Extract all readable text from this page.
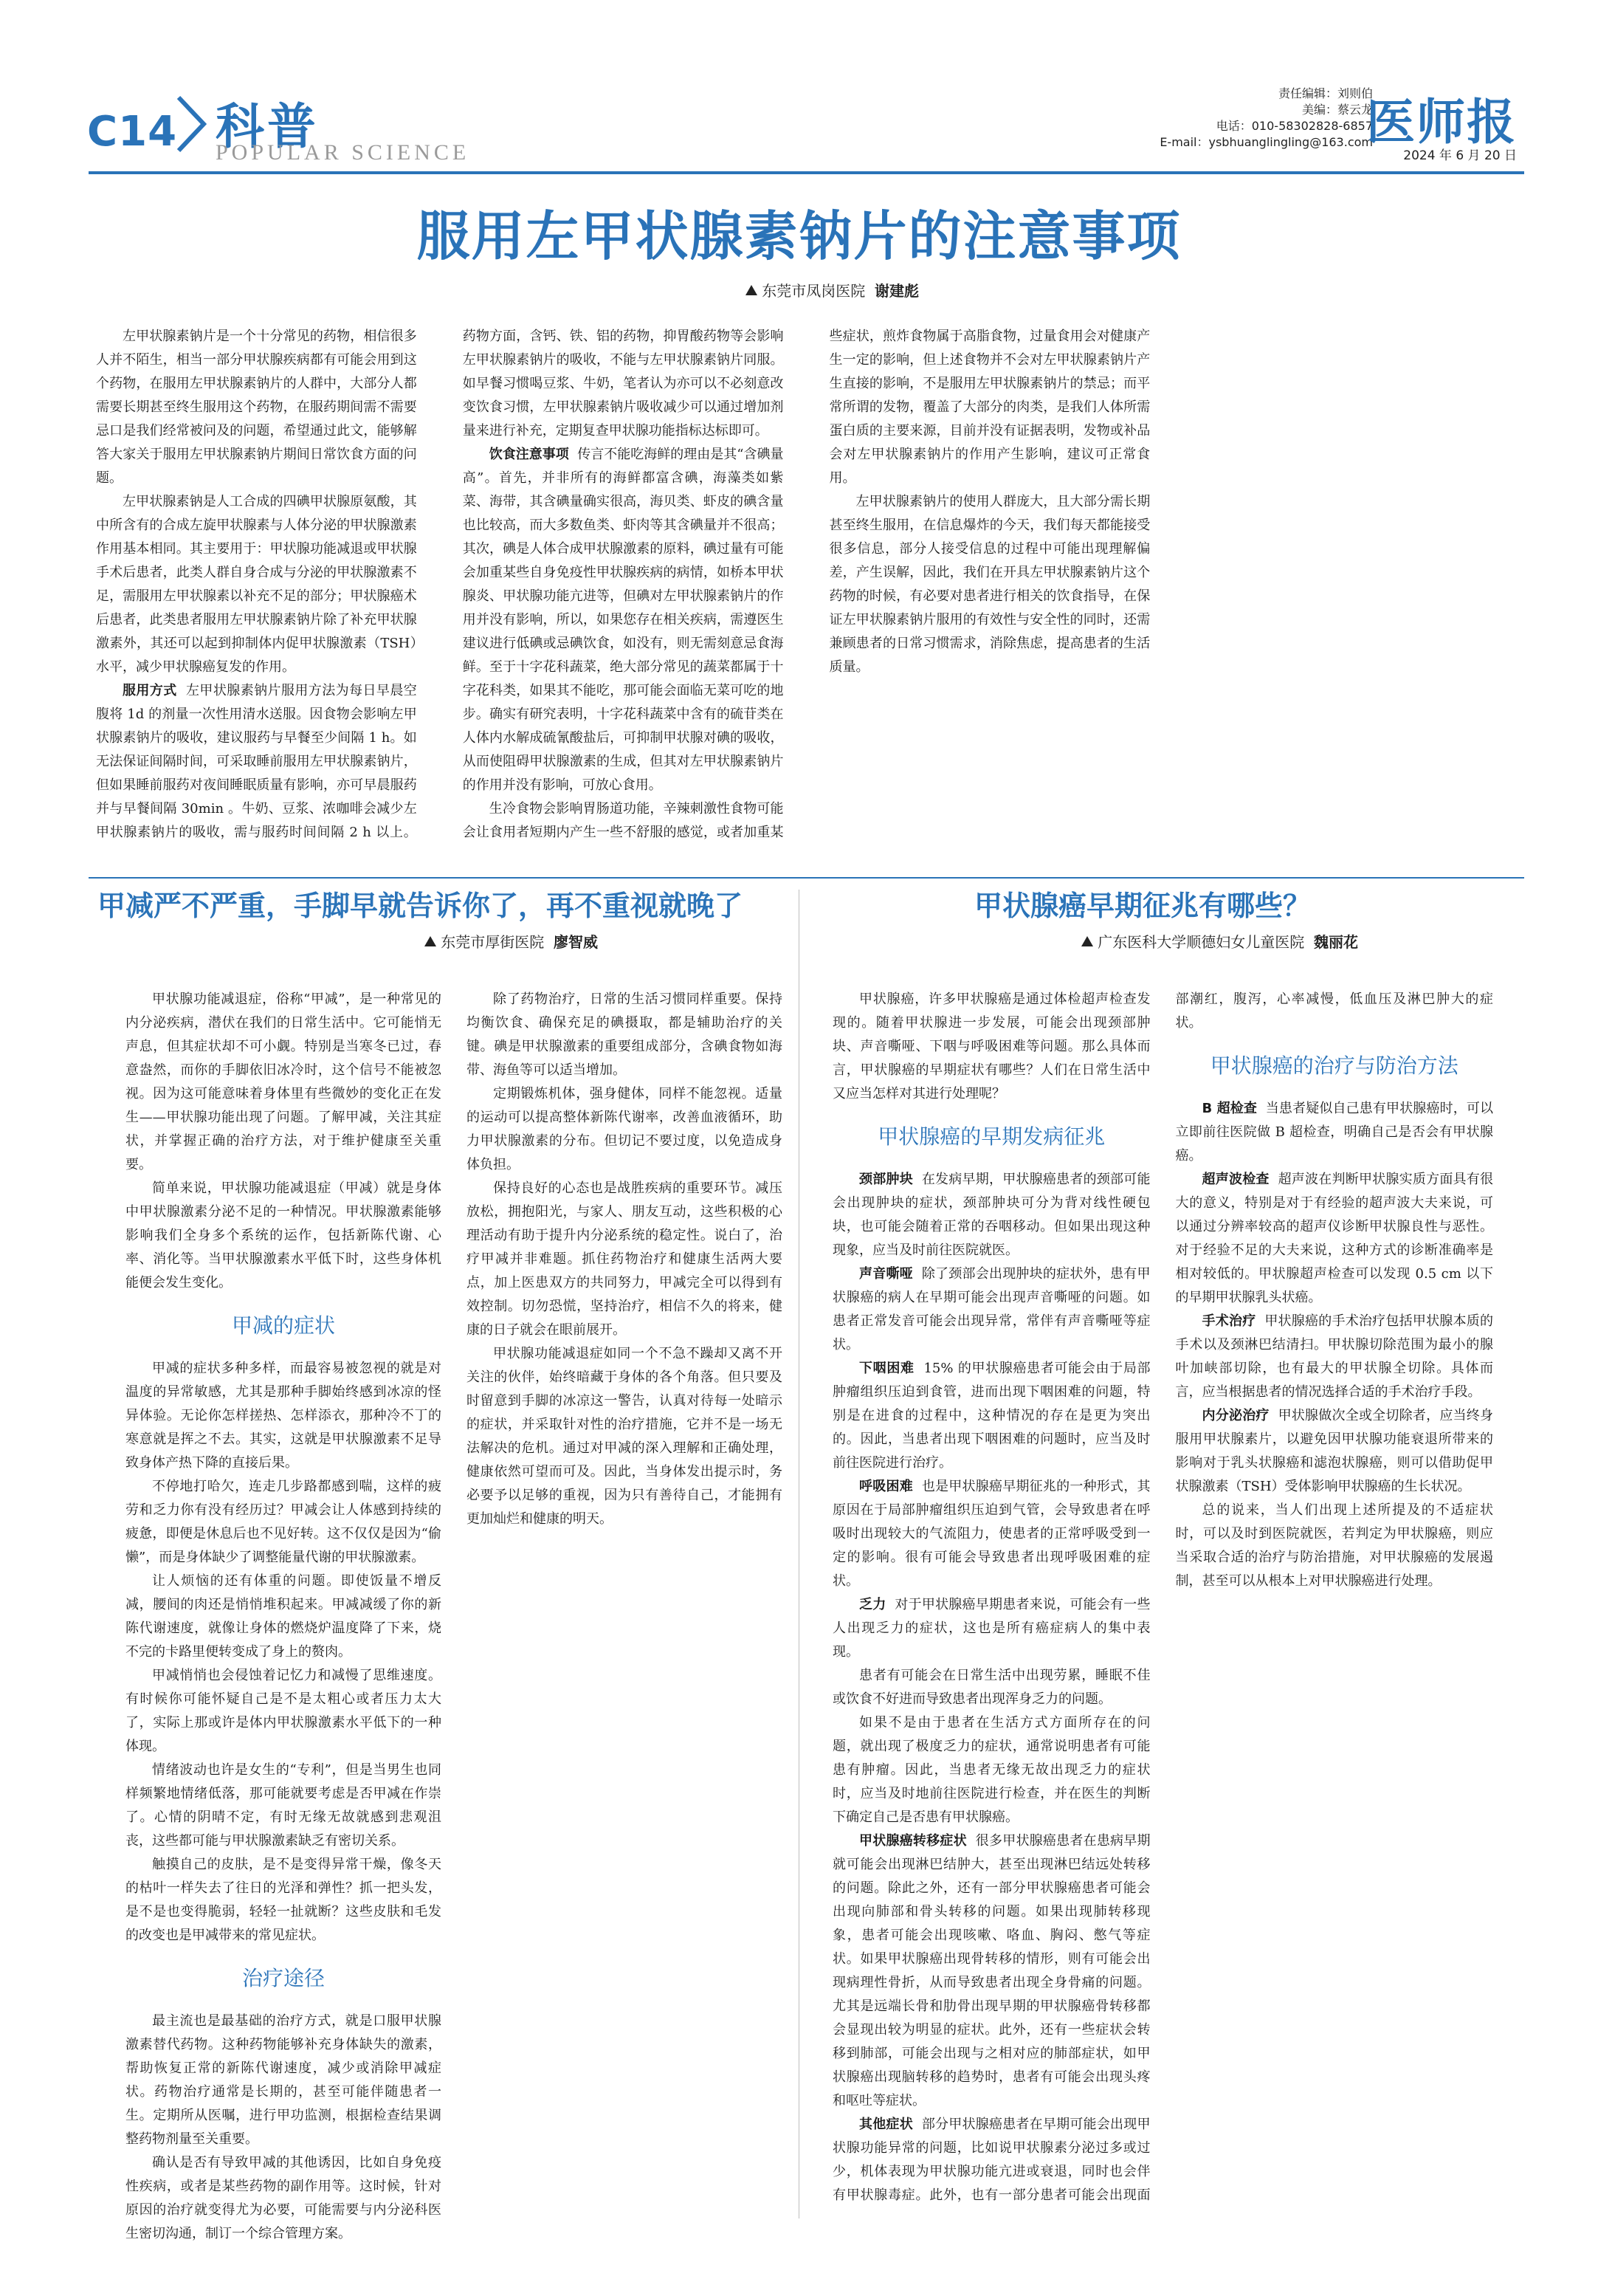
C14 科普
POPULAR SCIENCE
责任编辑：刘则伯
美编：蔡云龙
电话：010-58302828-6857
E-mail：ysbhuanglingling@163.com
医师报
2024 年 6 月 20 日
服用左甲状腺素钠片的注意事项
东莞市凤岗医院 谢建彪

左甲状腺素钠片是一个十分常见的药物，相信很多人并不陌生，相当一部分甲状腺疾病都有可能会用到这个药物，在服用左甲状腺素钠片的人群中，大部分人都需要长期甚至终生服用这个药物，在服药期间需不需要忌口是我们经常被问及的问题，希望通过此文，能够解答大家关于服用左甲状腺素钠片期间日常饮食方面的问题。

左甲状腺素钠是人工合成的四碘甲状腺原氨酸，其中所含有的合成左旋甲状腺素与人体分泌的甲状腺激素作用基本相同。其主要用于：甲状腺功能减退或甲状腺手术后患者，此类人群自身合成与分泌的甲状腺激素不足，需服用左甲状腺素以补充不足的部分；甲状腺癌术后患者，此类患者服用左甲状腺素钠片除了补充甲状腺激素外，其还可以起到抑制体内促甲状腺激素（TSH）水平，减少甲状腺癌复发的作用。

服用方式 左甲状腺素钠片服用方法为每日早晨空腹将 1d 的剂量一次性用清水送服。因食物会影响左甲状腺素钠片的吸收，建议服药与早餐至少间隔 1 h。如无法保证间隔时间，可采取睡前服用左甲状腺素钠片，但如果睡前服药对夜间睡眠质量有影响，亦可早晨服药并与早餐间隔 30min 。牛奶、豆浆、浓咖啡会减少左甲状腺素钠片的吸收，需与服药时间间隔 2 h 以上。药物方面，含钙、铁、铝的药物，抑胃酸药物等会影响左甲状腺素钠片的吸收，不能与左甲状腺素钠片同服。如早餐习惯喝豆浆、牛奶，笔者认为亦可以不必刻意改变饮食习惯，左甲状腺素钠片吸收减少可以通过增加剂量来进行补充，定期复查甲状腺功能指标达标即可。

饮食注意事项 传言不能吃海鲜的理由是其“含碘量高”。首先，并非所有的海鲜都富含碘，海藻类如紫菜、海带，其含碘量确实很高，海贝类、虾皮的碘含量也比较高，而大多数鱼类、虾肉等其含碘量并不很高；其次，碘是人体合成甲状腺激素的原料，碘过量有可能会加重某些自身免疫性甲状腺疾病的病情，如桥本甲状腺炎、甲状腺功能亢进等，但碘对左甲状腺素钠片的作用并没有影响，所以，如果您存在相关疾病，需遵医生建议进行低碘或忌碘饮食，如没有，则无需刻意忌食海鲜。至于十字花科蔬菜，绝大部分常见的蔬菜都属于十字花科类，如果其不能吃，那可能会面临无菜可吃的地步。确实有研究表明，十字花科蔬菜中含有的硫苷类在人体内水解成硫氰酸盐后，可抑制甲状腺对碘的吸收，从而使阻碍甲状腺激素的生成，但其对左甲状腺素钠片的作用并没有影响，可放心食用。

生冷食物会影响胃肠道功能，辛辣刺激性食物可能会让食用者短期内产生一些不舒服的感觉，或者加重某些症状，煎炸食物属于高脂食物，过量食用会对健康产生一定的影响，但上述食物并不会对左甲状腺素钠片产生直接的影响，不是服用左甲状腺素钠片的禁忌；而平常所谓的发物，覆盖了大部分的肉类，是我们人体所需蛋白质的主要来源，目前并没有证据表明，发物或补品会对左甲状腺素钠片的作用产生影响，建议可正常食用。

左甲状腺素钠片的使用人群庞大，且大部分需长期甚至终生服用，在信息爆炸的今天，我们每天都能接受很多信息，部分人接受信息的过程中可能出现理解偏差，产生误解，因此，我们在开具左甲状腺素钠片这个药物的时候，有必要对患者进行相关的饮食指导，在保证左甲状腺素钠片服用的有效性与安全性的同时，还需兼顾患者的日常习惯需求，消除焦虑，提高患者的生活质量。

甲减严不严重，手脚早就告诉你了，再不重视就晚了
东莞市厚街医院 廖智威

甲状腺功能减退症，俗称“甲减”，是一种常见的内分泌疾病，潜伏在我们的日常生活中。它可能悄无声息，但其症状却不可小觑。特别是当寒冬已过，春意盎然，而你的手脚依旧冰冷时，这个信号不能被忽视。因为这可能意味着身体里有些微妙的变化正在发生——甲状腺功能出现了问题。了解甲减，关注其症状，并掌握正确的治疗方法，对于维护健康至关重要。

简单来说，甲状腺功能减退症（甲减）就是身体中甲状腺激素分泌不足的一种情况。甲状腺激素能够影响我们全身多个系统的运作，包括新陈代谢、心率、消化等。当甲状腺激素水平低下时，这些身体机能便会发生变化。

甲减的症状

甲减的症状多种多样，而最容易被忽视的就是对温度的异常敏感，尤其是那种手脚始终感到冰凉的怪异体验。无论你怎样搓热、怎样添衣，那种冷不丁的寒意就是挥之不去。其实，这就是甲状腺激素不足导致身体产热下降的直接后果。

不停地打哈欠，连走几步路都感到喘，这样的疲劳和乏力你有没有经历过？甲减会让人体感到持续的疲惫，即便是休息后也不见好转。这不仅仅是因为“偷懒”，而是身体缺少了调整能量代谢的甲状腺激素。

让人烦恼的还有体重的问题。即使饭量不增反减，腰间的肉还是悄悄堆积起来。甲减减缓了你的新陈代谢速度，就像让身体的燃烧炉温度降了下来，烧不完的卡路里便转变成了身上的赘肉。

甲减悄悄也会侵蚀着记忆力和减慢了思维速度。有时候你可能怀疑自己是不是太粗心或者压力太大了，实际上那或许是体内甲状腺激素水平低下的一种体现。

情绪波动也许是女生的“专利”，但是当男生也同样频繁地情绪低落，那可能就要考虑是否甲减在作崇了。心情的阴晴不定，有时无缘无故就感到悲观沮丧，这些都可能与甲状腺激素缺乏有密切关系。

触摸自己的皮肤，是不是变得异常干燥，像冬天的枯叶一样失去了往日的光泽和弹性？抓一把头发，是不是也变得脆弱，轻轻一扯就断？这些皮肤和毛发的改变也是甲减带来的常见症状。

治疗途径

最主流也是最基础的治疗方式，就是口服甲状腺激素替代药物。这种药物能够补充身体缺失的激素，帮助恢复正常的新陈代谢速度，减少或消除甲减症状。药物治疗通常是长期的，甚至可能伴随患者一生。定期所从医嘱，进行甲功监测，根据检查结果调整药物剂量至关重要。

确认是否有导致甲减的其他诱因，比如自身免疫性疾病，或者是某些药物的副作用等。这时候，针对原因的治疗就变得尤为必要，可能需要与内分泌科医生密切沟通，制订一个综合管理方案。

除了药物治疗，日常的生活习惯同样重要。保持均衡饮食、确保充足的碘摄取，都是辅助治疗的关键。碘是甲状腺激素的重要组成部分，含碘食物如海带、海鱼等可以适当增加。

定期锻炼机体，强身健体，同样不能忽视。适量的运动可以提高整体新陈代谢率，改善血液循环，助力甲状腺激素的分布。但切记不要过度，以免造成身体负担。

保持良好的心态也是战胜疾病的重要环节。减压放松，拥抱阳光，与家人、朋友互动，这些积极的心理活动有助于提升内分泌系统的稳定性。说白了，治疗甲减并非难题。抓住药物治疗和健康生活两大要点，加上医患双方的共同努力，甲减完全可以得到有效控制。切勿恐慌，坚持治疗，相信不久的将来，健康的日子就会在眼前展开。

甲状腺功能减退症如同一个不急不躁却又离不开关注的伙伴，始终暗藏于身体的各个角落。但只要及时留意到手脚的冰凉这一警告，认真对待每一处暗示的症状，并采取针对性的治疗措施，它并不是一场无法解决的危机。通过对甲减的深入理解和正确处理，健康依然可望而可及。因此，当身体发出提示时，务必要予以足够的重视，因为只有善待自己，才能拥有更加灿烂和健康的明天。

甲状腺癌早期征兆有哪些？
广东医科大学顺德妇女儿童医院 魏丽花

甲状腺癌，许多甲状腺癌是通过体检超声检查发现的。随着甲状腺进一步发展，可能会出现颈部肿块、声音嘶哑、下咽与呼吸困难等问题。那么具体而言，甲状腺癌的早期症状有哪些？人们在日常生活中又应当怎样对其进行处理呢？

甲状腺癌的早期发病征兆

颈部肿块 在发病早期，甲状腺癌患者的颈部可能会出现肿块的症状，颈部肿块可分为背对线性硬包块，也可能会随着正常的吞咽移动。但如果出现这种现象，应当及时前往医院就医。

声音嘶哑 除了颈部会出现肿块的症状外，患有甲状腺癌的病人在早期可能会出现声音嘶哑的问题。如患者正常发音可能会出现异常，常伴有声音嘶哑等症状。

下咽困难 15% 的甲状腺癌患者可能会由于局部肿瘤组织压迫到食管，进而出现下咽困难的问题，特别是在进食的过程中，这种情况的存在是更为突出的。因此，当患者出现下咽困难的问题时，应当及时前往医院进行治疗。

呼吸困难 也是甲状腺癌早期征兆的一种形式，其原因在于局部肿瘤组织压迫到气管，会导致患者在呼吸时出现较大的气流阻力，使患者的正常呼吸受到一定的影响。很有可能会导致患者出现呼吸困难的症状。

乏力 对于甲状腺癌早期患者来说，可能会有一些人出现乏力的症状，这也是所有癌症病人的集中表现。

患者有可能会在日常生活中出现劳累，睡眠不佳或饮食不好进而导致患者出现浑身乏力的问题。

如果不是由于患者在生活方式方面所存在的问题，就出现了极度乏力的症状，通常说明患者有可能患有肿瘤。因此，当患者无缘无故出现乏力的症状时，应当及时地前往医院进行检查，并在医生的判断下确定自己是否患有甲状腺癌。

甲状腺癌转移症状 很多甲状腺癌患者在患病早期就可能会出现淋巴结肿大，甚至出现淋巴结远处转移的问题。除此之外，还有一部分甲状腺癌患者可能会出现向肺部和骨头转移的问题。如果出现肺转移现象，患者可能会出现咳嗽、咯血、胸闷、憋气等症状。如果甲状腺癌出现骨转移的情形，则有可能会出现病理性骨折，从而导致患者出现全身骨痛的问题。尤其是远端长骨和肋骨出现早期的甲状腺癌骨转移都会显现出较为明显的症状。此外，还有一些症状会转移到肺部，可能会出现与之相对应的肺部症状，如甲状腺癌出现脑转移的趋势时，患者有可能会出现头疼和呕吐等症状。

其他症状 部分甲状腺癌患者在早期可能会出现甲状腺功能异常的问题，比如说甲状腺素分泌过多或过少，机体表现为甲状腺功能亢进或衰退，同时也会伴有甲状腺毒症。此外，也有一部分患者可能会出现面部潮红，腹泻，心率减慢，低血压及淋巴肿大的症状。

甲状腺癌的治疗与防治方法

B 超检查 当患者疑似自己患有甲状腺癌时，可以立即前往医院做 B 超检查，明确自己是否会有甲状腺癌。

超声波检查 超声波在判断甲状腺实质方面具有很大的意义，特别是对于有经验的超声波大夫来说，可以通过分辨率较高的超声仪诊断甲状腺良性与恶性。对于经验不足的大夫来说，这种方式的诊断准确率是相对较低的。甲状腺超声检查可以发现 0.5 cm 以下的早期甲状腺乳头状癌。

手术治疗 甲状腺癌的手术治疗包括甲状腺本质的手术以及颈淋巴结清扫。甲状腺切除范围为最小的腺叶加峡部切除，也有最大的甲状腺全切除。具体而言，应当根据患者的情况选择合适的手术治疗手段。

内分泌治疗 甲状腺做次全或全切除者，应当终身服用甲状腺素片，以避免因甲状腺功能衰退所带来的影响对于乳头状腺癌和滤泡状腺癌，则可以借助促甲状腺激素（TSH）受体影响甲状腺癌的生长状况。

总的说来，当人们出现上述所提及的不适症状时，可以及时到医院就医，若判定为甲状腺癌，则应当采取合适的治疗与防治措施，对甲状腺癌的发展遏制，甚至可以从根本上对甲状腺癌进行处理。
